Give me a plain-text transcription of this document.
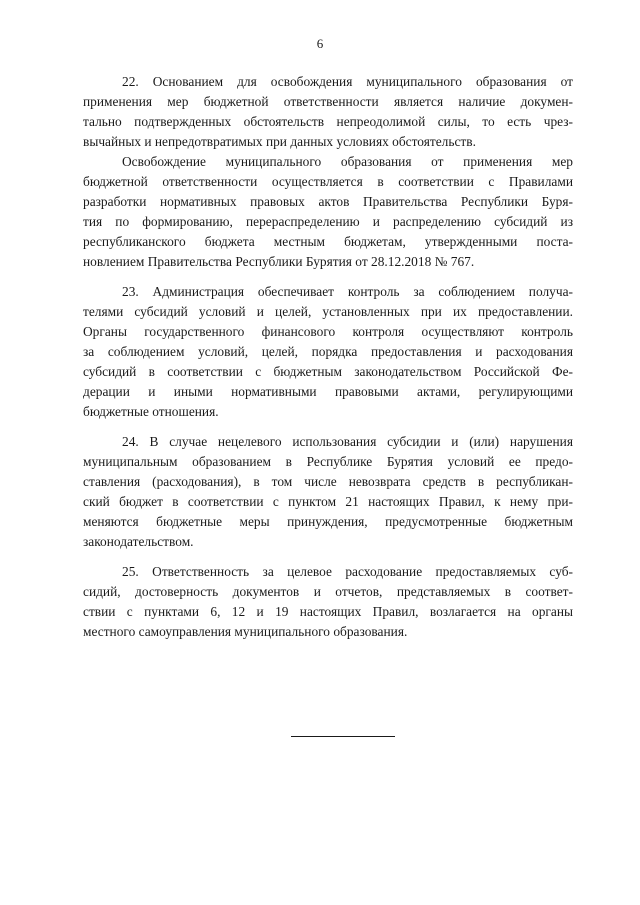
6
22. Основанием для освобождения муниципального образования от
применения мер бюджетной ответственности является наличие докумен-
тально подтвержденных обстоятельств непреодолимой силы, то есть чрез-
вычайных и непредотвратимых при данных условиях обстоятельств.
Освобождение муниципального образования от применения мер
бюджетной ответственности осуществляется в соответствии с Правилами
разработки нормативных правовых актов Правительства Республики Буря-
тия по формированию, перераспределению и распределению субсидий из
республиканского бюджета местным бюджетам, утвержденными поста-
новлением Правительства Республики Бурятия от 28.12.2018 № 767.
23. Администрация обеспечивает контроль за соблюдением получа-
телями субсидий условий и целей, установленных при их предоставлении.
Органы государственного финансового контроля осуществляют контроль
за соблюдением условий, целей, порядка предоставления и расходования
субсидий в соответствии с бюджетным законодательством Российской Фе-
дерации и иными нормативными правовыми актами, регулирующими
бюджетные отношения.
24. В случае нецелевого использования субсидии и (или) нарушения
муниципальным образованием в Республике Бурятия условий ее предо-
ставления (расходования), в том числе невозврата средств в республикан-
ский бюджет в соответствии с пунктом 21 настоящих Правил, к нему при-
меняются бюджетные меры принуждения, предусмотренные бюджетным
законодательством.
25. Ответственность за целевое расходование предоставляемых суб-
сидий, достоверность документов и отчетов, представляемых в соответ-
ствии с пунктами 6, 12 и 19 настоящих Правил, возлагается на органы
местного самоуправления муниципального образования.
